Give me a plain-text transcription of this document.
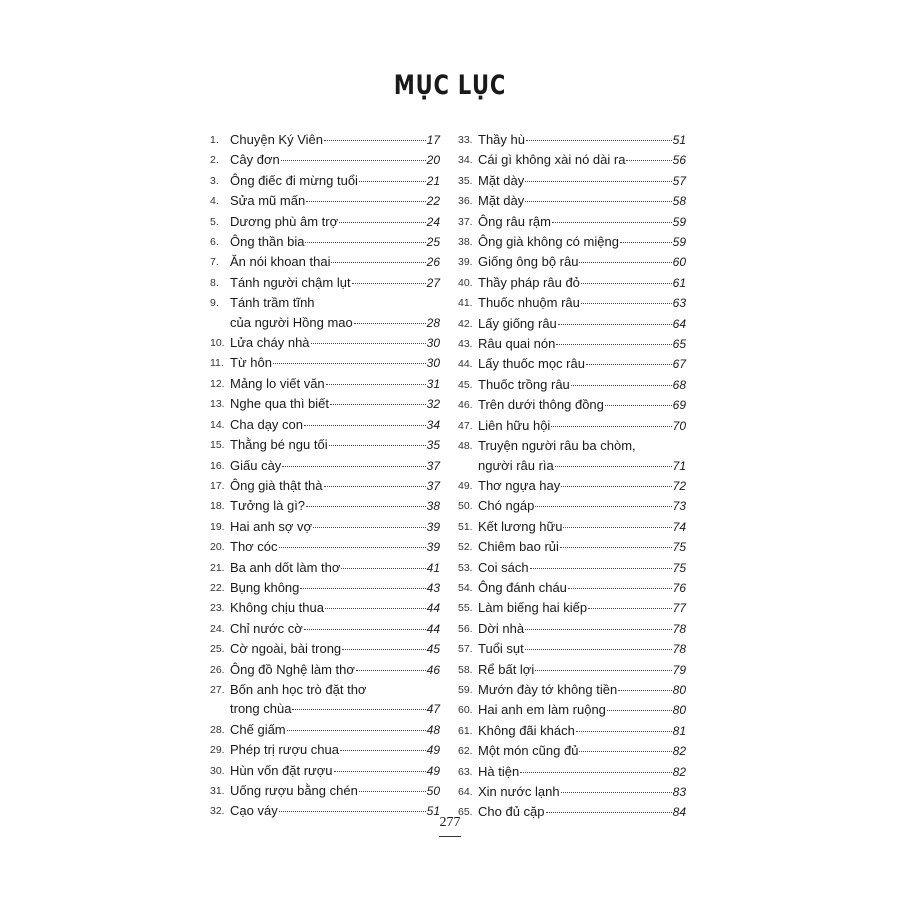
MỤC LỤC
1. Chuyện Ký Viên	17
2. Cây đơn	20
3. Ông điếc đi mừng tuổi	21
4. Sửa mũ mấn	22
5. Dương phù âm trợ	24
6. Ông thần bia	25
7. Ăn nói khoan thai	26
8. Tánh người chậm lụt	27
9. Tánh trầm tĩnh
của người Hồng mao	28
10. Lửa cháy nhà	30
11. Từ hôn	30
12. Mảng lo viết văn	31
13. Nghe qua thì biết	32
14. Cha dạy con	34
15. Thằng bé ngu tối	35
16. Giấu cày	37
17. Ông già thật thà	37
18. Tưởng là gì?	38
19. Hai anh sợ vợ	39
20. Thơ cóc	39
21. Ba anh dốt làm thơ	41
22. Bụng không	43
23. Không chịu thua	44
24. Chỉ nước cờ	44
25. Cờ ngoài, bài trong	45
26. Ông đồ Nghệ làm thơ	46
27. Bốn anh học trò đặt thơ
trong chùa	47
28. Chế giấm	48
29. Phép trị rượu chua	49
30. Hùn vốn đặt rượu	49
31. Uống rượu bằng chén	50
32. Cạo váy	51
33. Thầy hù	51
34. Cái gì không xài nó dài ra	56
35. Mặt dày	57
36. Mặt dày	58
37. Ông râu rậm	59
38. Ông già không có miệng	59
39. Giống ông bộ râu	60
40. Thầy pháp râu đỏ	61
41. Thuốc nhuộm râu	63
42. Lấy giống râu	64
43. Râu quai nón	65
44. Lấy thuốc mọc râu	67
45. Thuốc trồng râu	68
46. Trên dưới thông đồng	69
47. Liên hữu hội	70
48. Truyện người râu ba chòm,
người râu rìa	71
49. Thơ ngựa hay	72
50. Chó ngáp	73
51. Kết lương hữu	74
52. Chiêm bao rủi	75
53. Coi sách	75
54. Ông đánh cháu	76
55. Làm biếng hai kiếp	77
56. Dời nhà	78
57. Tuổi sụt	78
58. Rể bất lợi	79
59. Mướn đày tớ không tiền	80
60. Hai anh em làm ruộng	80
61. Không đãi khách	81
62. Một món cũng đủ	82
63. Hà tiện	82
64. Xin nước lạnh	83
65. Cho đủ cặp	84
277
